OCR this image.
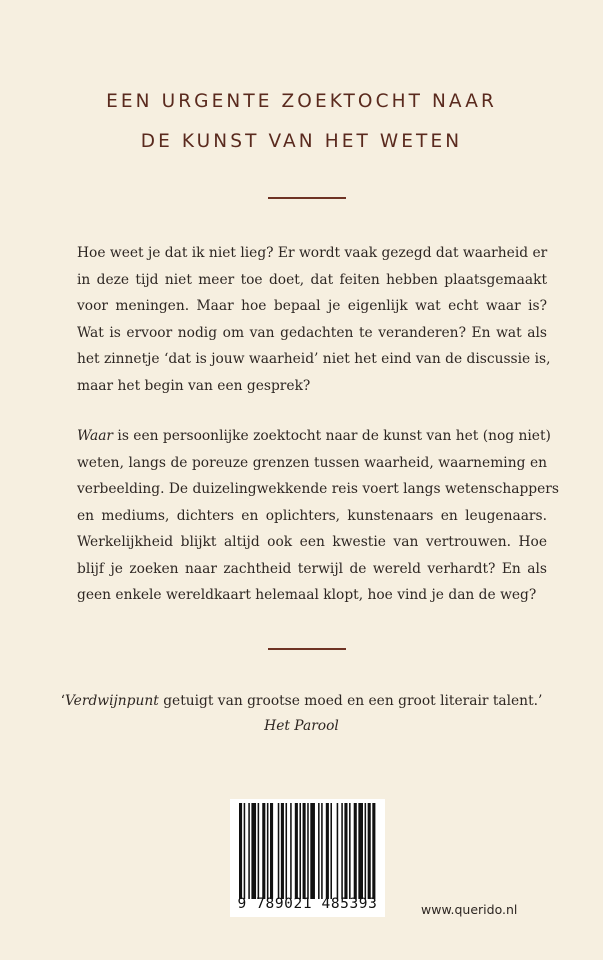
EEN URGENTE ZOEKTOCHT NAAR
DE KUNST VAN HET WETEN
Hoe weet je dat ik niet lieg? Er wordt vaak gezegd dat waarheid er
in deze tijd niet meer toe doet, dat feiten hebben plaatsgemaakt
voor meningen. Maar hoe bepaal je eigenlijk wat echt waar is?
Wat is ervoor nodig om van gedachten te veranderen? En wat als
het zinnetje ‘dat is jouw waarheid’ niet het eind van de discussie is,
maar het begin van een gesprek?
Waar is een persoonlijke zoektocht naar de kunst van het (nog niet)
weten, langs de poreuze grenzen tussen waarheid, waarneming en
verbeelding. De duizelingwekkende reis voert langs wetenschappers
en mediums, dichters en oplichters, kunstenaars en leugenaars.
Werkelijkheid blijkt altijd ook een kwestie van vertrouwen. Hoe
blijf je zoeken naar zachtheid terwijl de wereld verhardt? En als
geen enkele wereldkaart helemaal klopt, hoe vind je dan de weg?
‘Verdwijnpunt getuigt van grootse moed en een groot literair talent.’
Het Parool
9 789021 485393	www.querido.nl
